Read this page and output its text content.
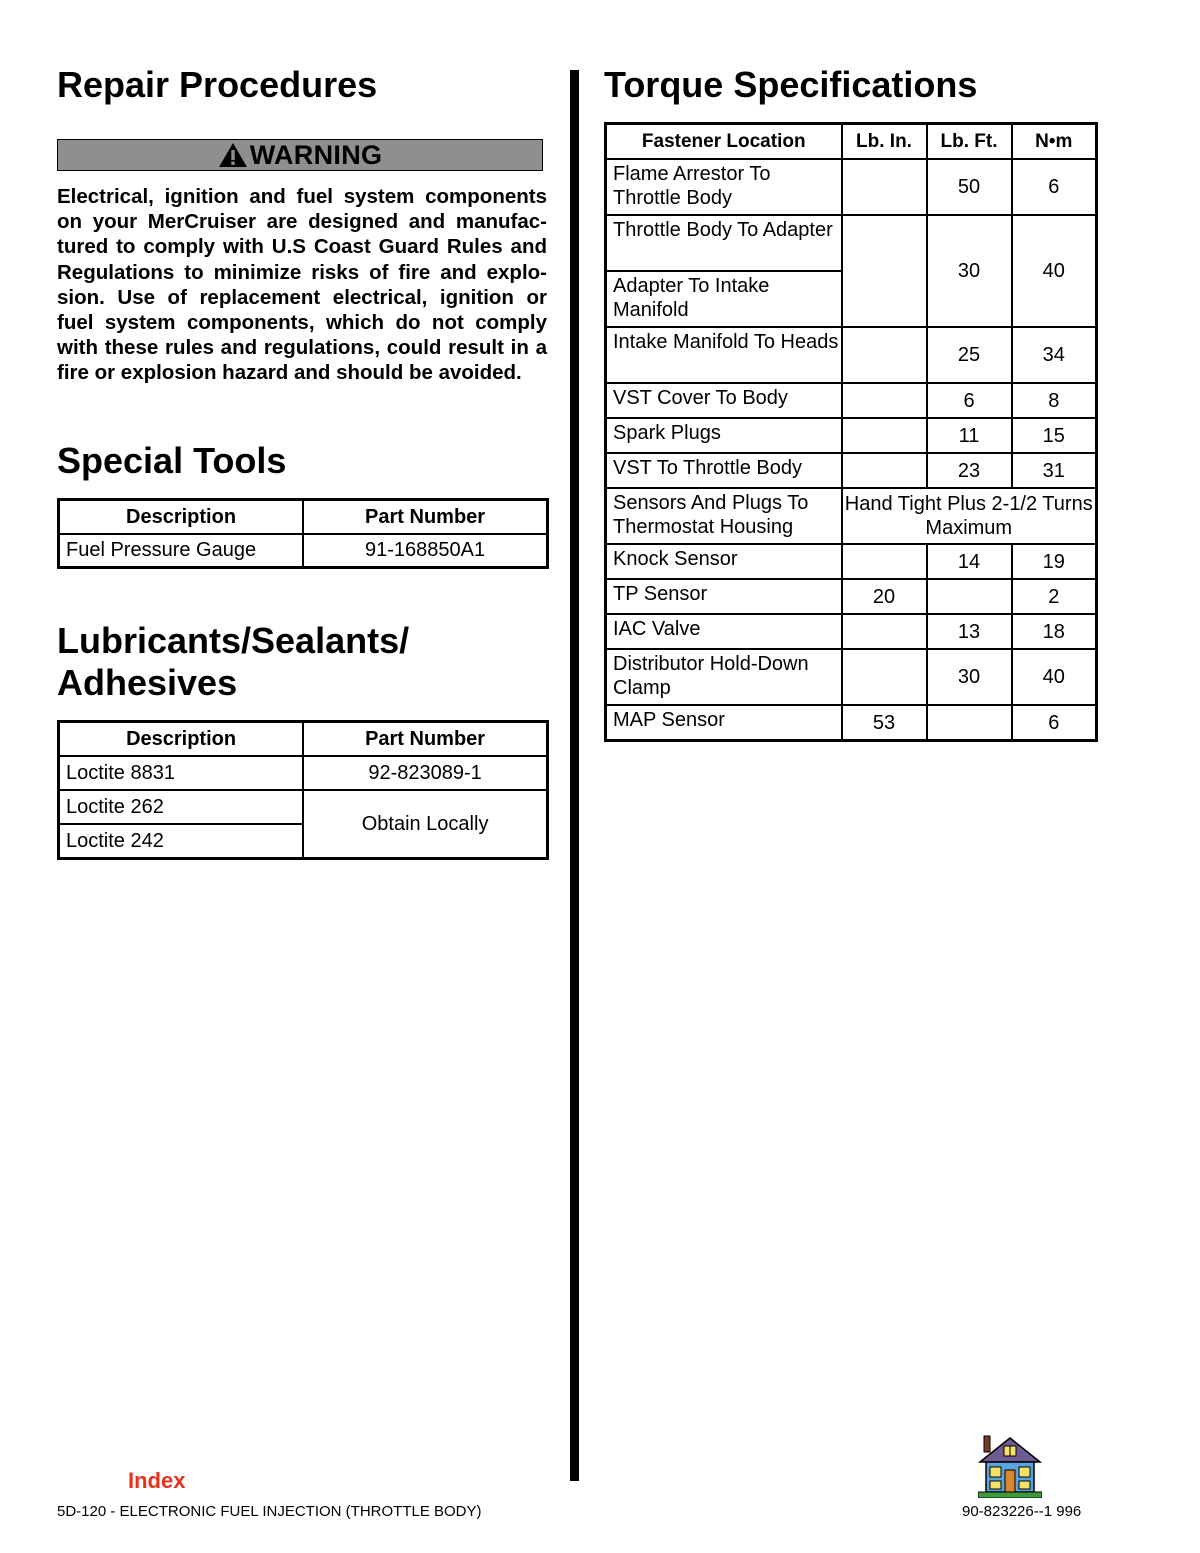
Repair Procedures
WARNING
Electrical, ignition and fuel system components on your MerCruiser are designed and manufac-tured to comply with U.S Coast Guard Rules and Regulations to minimize risks of fire and explo-sion. Use of replacement electrical, ignition or fuel system components, which do not comply with these rules and regulations, could result in a fire or explosion hazard and should be avoided.
Special Tools
Description	Part Number
Fuel Pressure Gauge	91-168850A1
Lubricants/Sealants/
Adhesives
Description	Part Number
Loctite 8831	92-823089-1
Loctite 262	Obtain Locally
Loctite 242	
Torque Specifications
Fastener Location	Lb. In.	Lb. Ft.	N•m
Flame Arrestor To Throttle Body		50	6
Throttle Body To Adapter		30	40
Adapter To Intake Manifold			
Intake Manifold To Heads		25	34
VST Cover To Body		6	8
Spark Plugs		11	15
VST To Throttle Body		23	31
Sensors And Plugs To Thermostat Housing	Hand Tight Plus 2-1/2 Turns Maximum		
Knock Sensor		14	19
TP Sensor	20		2
IAC Valve		13	18
Distributor Hold-Down Clamp		30	40
MAP Sensor	53		6
Index
5D-120 - ELECTRONIC FUEL INJECTION (THROTTLE BODY)	90-823226--1 996
